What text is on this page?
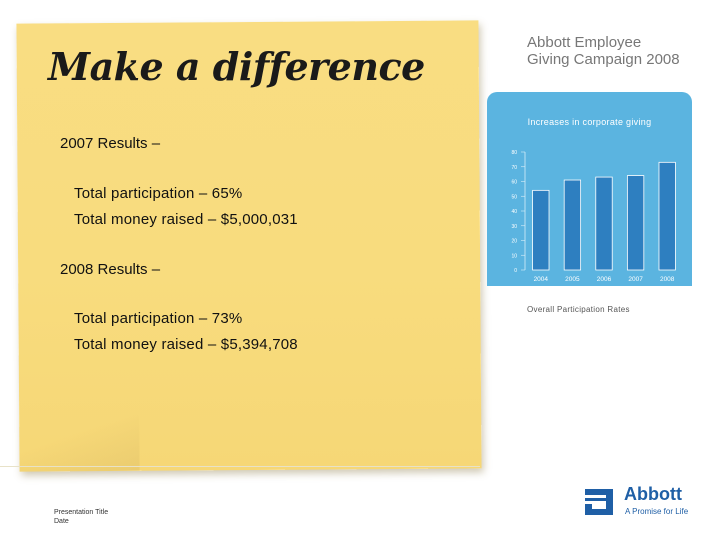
Make a difference
2007 Results –
Total participation – 65%
Total money raised – $5,000,031
2008 Results –
Total participation – 73%
Total money raised – $5,394,708
Abbott Employee
Giving Campaign 2008
Increases in corporate giving
0
10
20
30
40
50
60
70
80
2004	2005	2006	2007	2008
Overall Participation Rates
Presentation Title
Date
Abbott
A Promise for Life
